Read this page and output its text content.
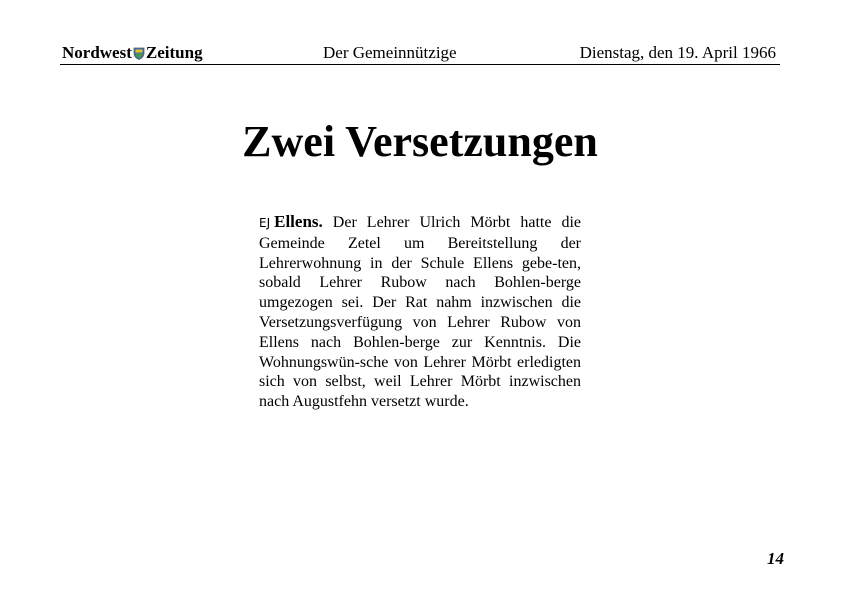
Nordwest Zeitung	Der Gemeinnützige	Dienstag, den 19. April 1966
Zwei Versetzungen

EJ Ellens. Der Lehrer Ulrich Mörbt hatte die Gemeinde Zetel um Bereitstellung der Lehrerwohnung in der Schule Ellens gebe-ten, sobald Lehrer Rubow nach Bohlen-berge umgezogen sei. Der Rat nahm inzwischen die Versetzungsverfügung von Lehrer Rubow von Ellens nach Bohlen-berge zur Kenntnis. Die Wohnungswün-sche von Lehrer Mörbt erledigten sich von selbst, weil Lehrer Mörbt inzwischen nach Augustfehn versetzt wurde.

14
